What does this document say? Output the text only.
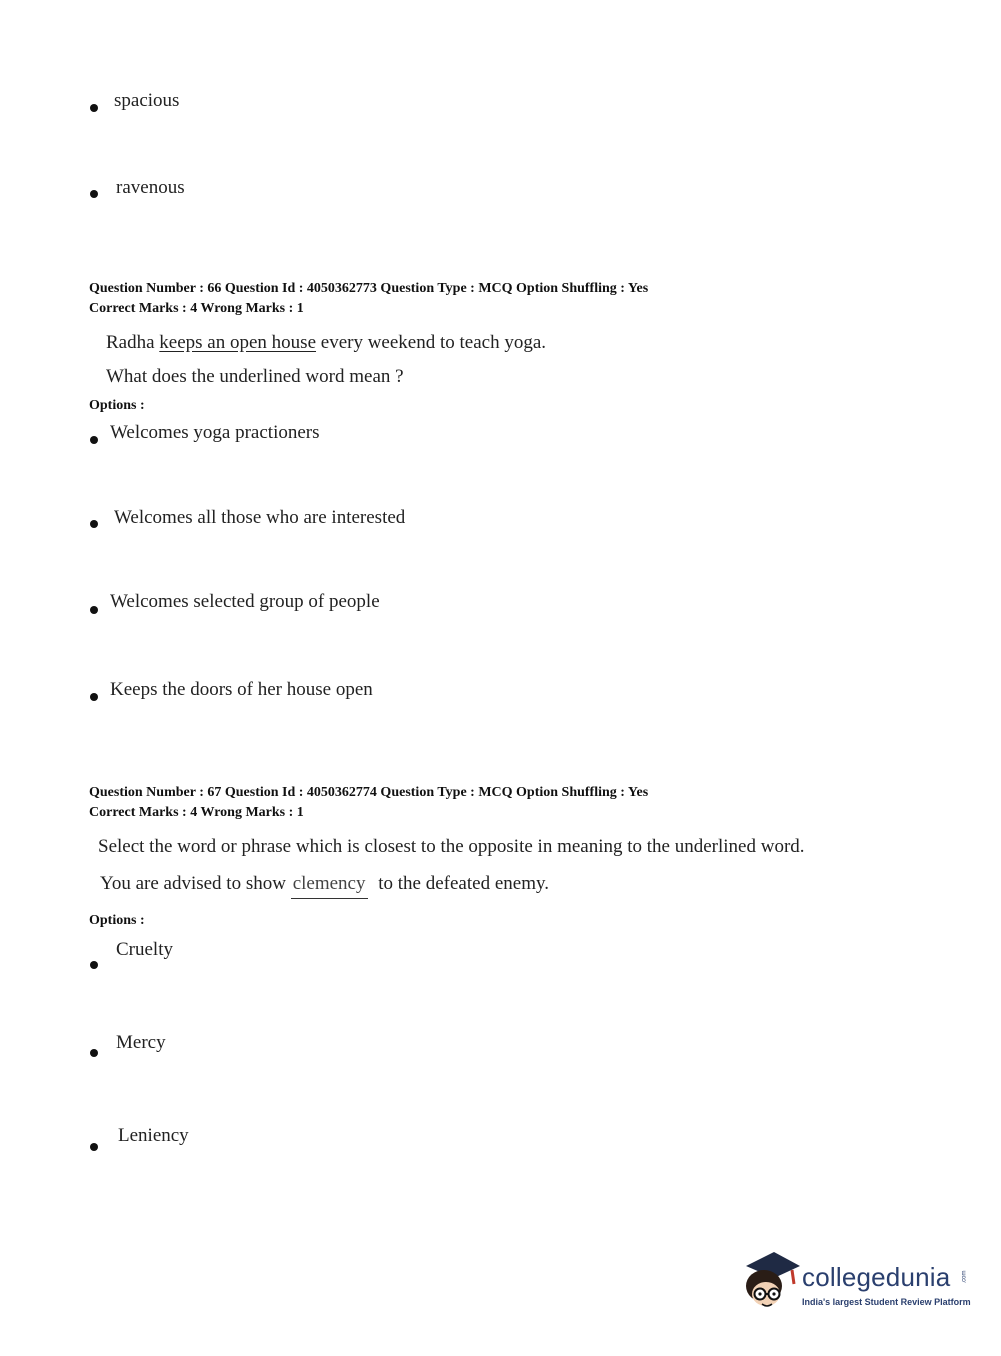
spacious
ravenous
Question Number : 66 Question Id : 4050362773 Question Type : MCQ Option Shuffling : Yes
Correct Marks : 4 Wrong Marks : 1
Radha keeps an open house every weekend to teach yoga.
What does the underlined word mean ?
Options :
Welcomes yoga practioners
Welcomes all those who are interested
Welcomes selected group of people
Keeps the doors of her house open
Question Number : 67 Question Id : 4050362774 Question Type : MCQ Option Shuffling : Yes
Correct Marks : 4 Wrong Marks : 1
Select the word or phrase which is closest to the opposite in meaning to the underlined word.
You are advised to show clemency to the defeated enemy.
Options :
Cruelty
Mercy
Leniency
collegedunia .com
India's largest Student Review Platform
